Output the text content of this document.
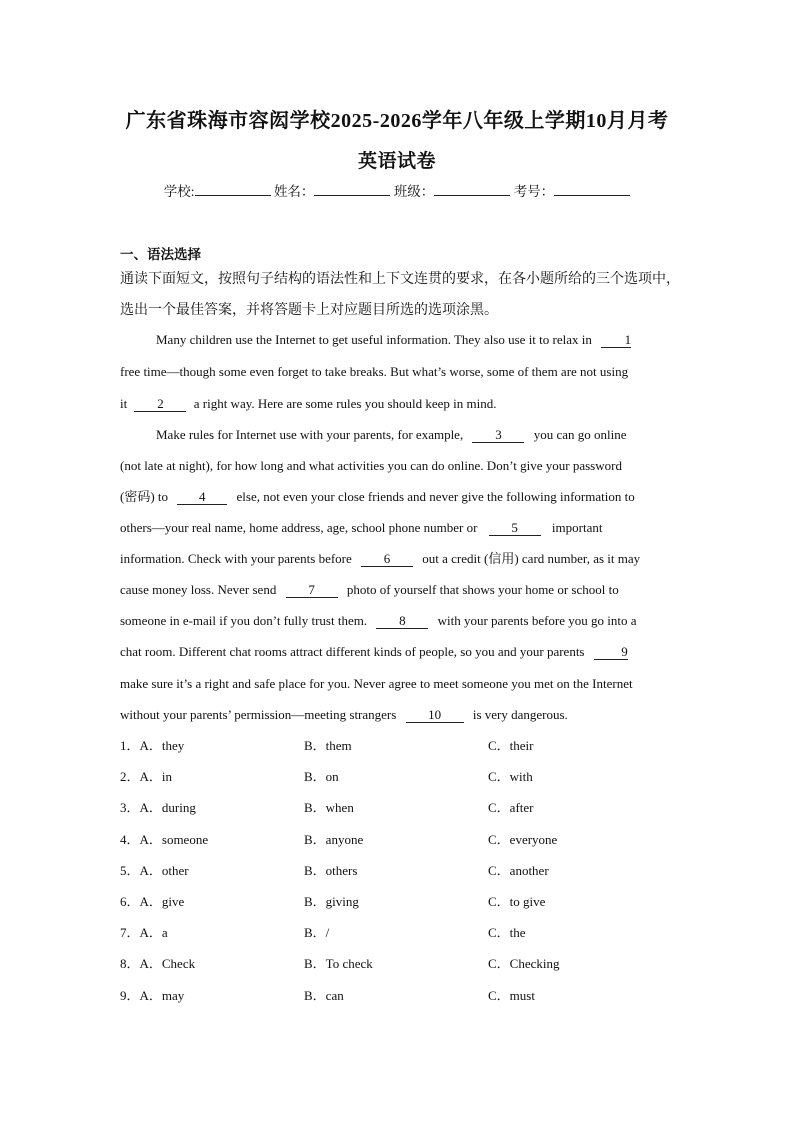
广东省珠海市容闳学校2025-2026学年八年级上学期10月月考
英语试卷
学校:	姓名：	班级：	考号：
一、语法选择
通读下面短文，按照句子结构的语法性和上下文连贯的要求，在各小题所给的三个选项中，
选出一个最佳答案，并将答题卡上对应题目所选的选项涂黑。
Many children use the Internet to get useful information. They also use it to relax in	1
free time—though some even forget to take breaks. But what’s worse, some of them are not using
it 2 a right way. Here are some rules you should keep in mind.
Make rules for Internet use with your parents, for example, 3 you can go online
(not late at night), for how long and what activities you can do online. Don’t give your password
(密码) to 4 else, not even your close friends and never give the following information to
others—your real name, home address, age, school phone number or	5	important
information. Check with your parents before 6 out a credit (信用) card number, as it may
cause money loss. Never send 7 photo of yourself that shows your home or school to
someone in e-mail if you don’t fully trust them. 8 with your parents before you go into a
chat room. Different chat rooms attract different kinds of people, so you and your parents	9
make sure it’s a right and safe place for you. Never agree to meet someone you met on the Internet
without your parents’ permission—meeting strangers 10 is very dangerous.
1．A．they	B．them	C．their
2．A．in	B．on	C．with
3．A．during	B．when	C．after
4．A．someone	B．anyone	C．everyone
5．A．other	B．others	C．another
6．A．give	B．giving	C．to give
7．A．a	B．/	C．the
8．A．Check	B．To check	C．Checking
9．A．may	B．can	C．must
